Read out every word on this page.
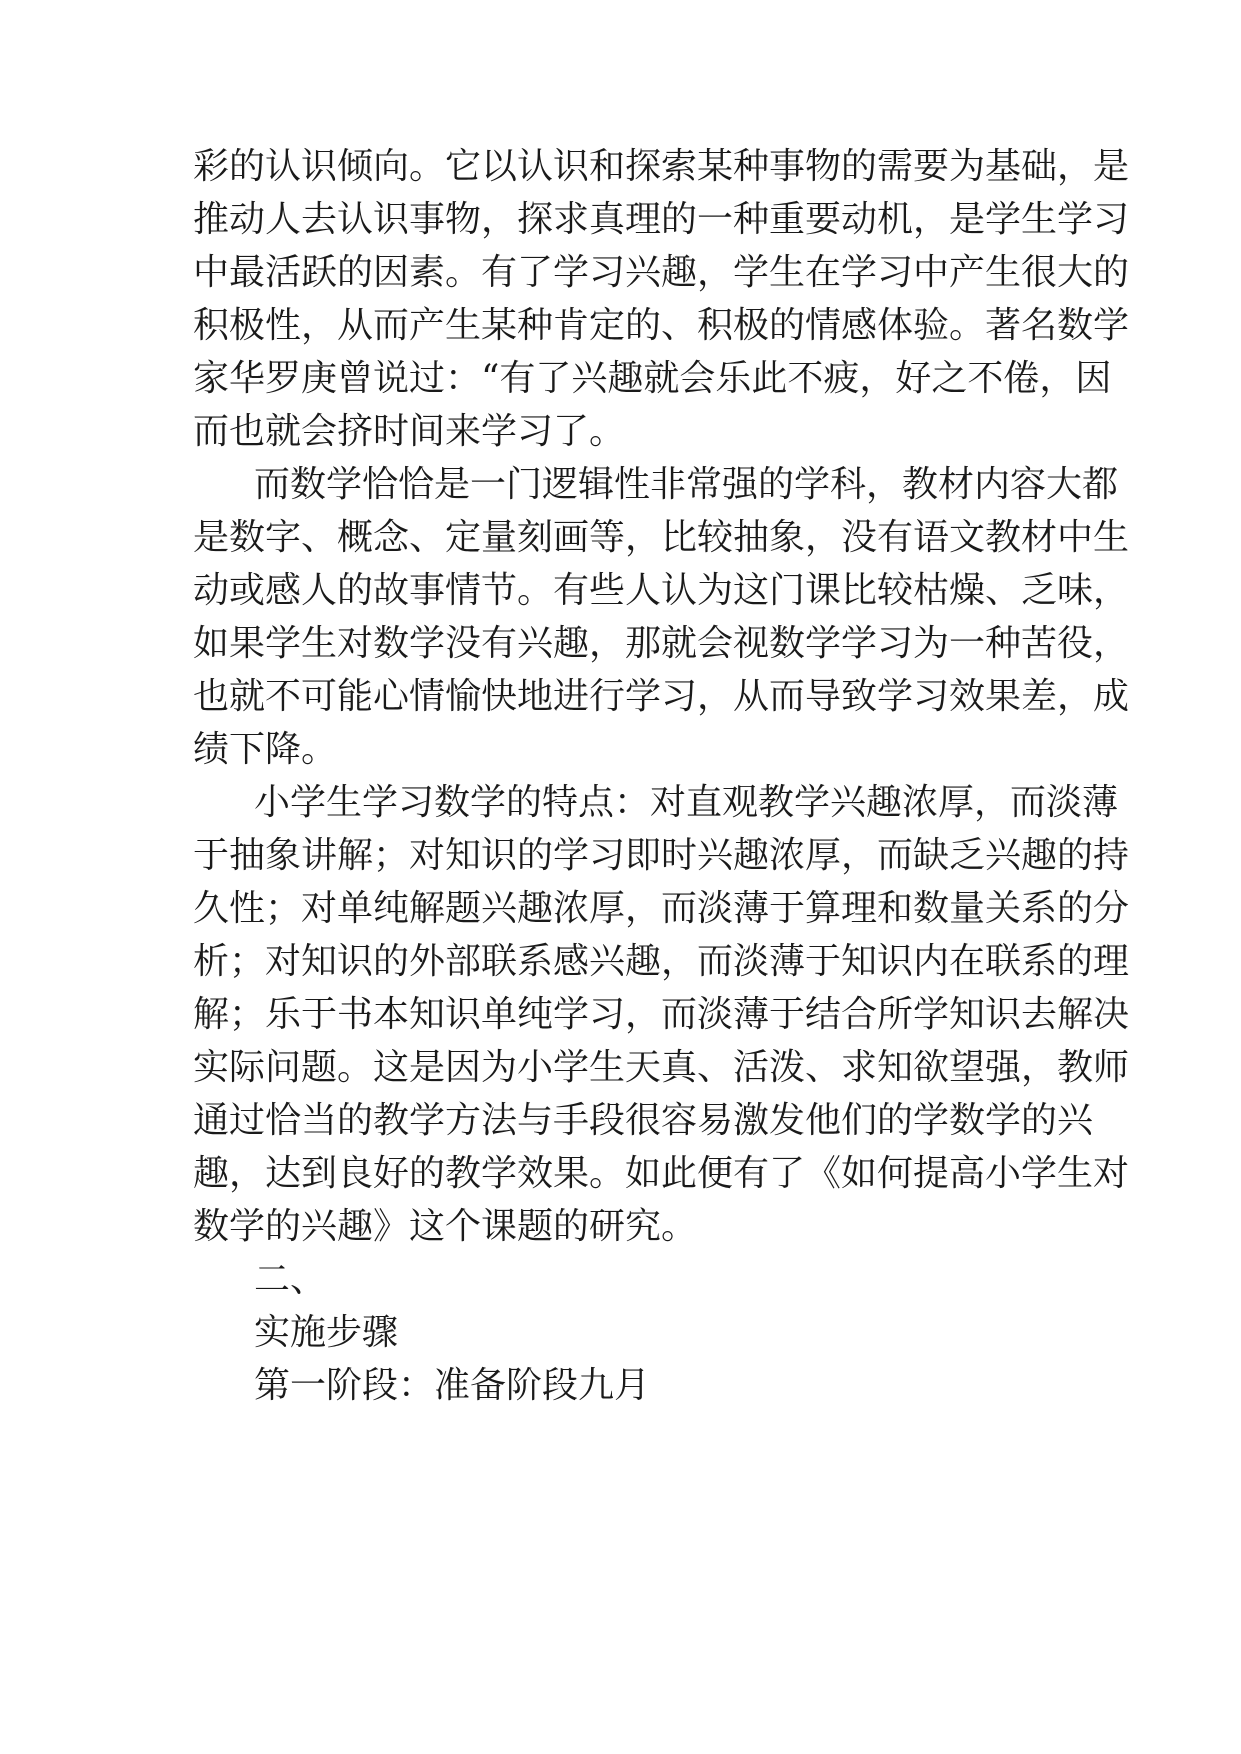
彩的认识倾向。它以认识和探索某种事物的需要为基础，是
推动人去认识事物，探求真理的一种重要动机，是学生学习
中最活跃的因素。有了学习兴趣，学生在学习中产生很大的
积极性，从而产生某种肯定的、积极的情感体验。著名数学
家华罗庚曾说过：“有了兴趣就会乐此不疲，好之不倦，因
而也就会挤时间来学习了。
而数学恰恰是一门逻辑性非常强的学科，教材内容大都
是数字、概念、定量刻画等，比较抽象，没有语文教材中生
动或感人的故事情节。有些人认为这门课比较枯燥、乏味，
如果学生对数学没有兴趣，那就会视数学学习为一种苦役，
也就不可能心情愉快地进行学习，从而导致学习效果差，成
绩下降。
小学生学习数学的特点：对直观教学兴趣浓厚，而淡薄
于抽象讲解；对知识的学习即时兴趣浓厚，而缺乏兴趣的持
久性；对单纯解题兴趣浓厚，而淡薄于算理和数量关系的分
析；对知识的外部联系感兴趣，而淡薄于知识内在联系的理
解；乐于书本知识单纯学习，而淡薄于结合所学知识去解决
实际问题。这是因为小学生天真、活泼、求知欲望强，教师
通过恰当的教学方法与手段很容易激发他们的学数学的兴
趣，达到良好的教学效果。如此便有了《如何提高小学生对
数学的兴趣》这个课题的研究。
二、
实施步骤
第一阶段：准备阶段九月
